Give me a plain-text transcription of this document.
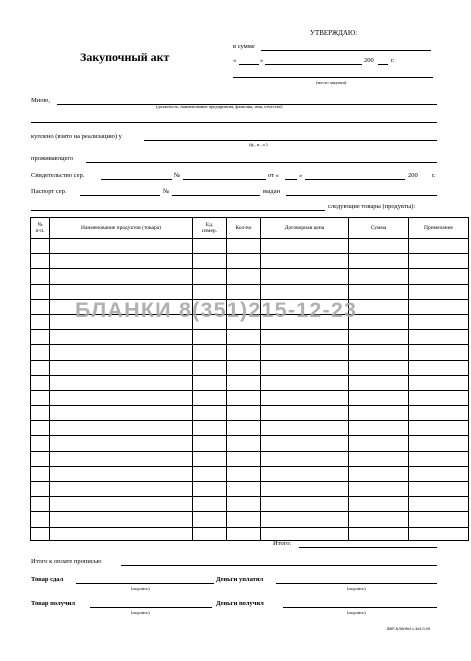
УТВЕРЖДАЮ:
в сумме
«	»	200	г.
(место закупки)
Закупочный акт
Мною,
(должность, наименование предприятия, фамилия, имя, отчество)
куплено (взято на реализацию) у
(ф., и., о.)
проживающего
Свидетельство сер.	№	от «	»	200 г.
Паспорт сер.	№	выдан
следующие товары (продукты):
№
п-п.	Наименование продуктов (товара)	Ед.
измер.	Кол-во	Договорная цена	Сумма	Примечание

БЛАНКИ 8(351)215-12-23
Итого:
Итого к оплате прописью
Товар сдал
(подпись)
Деньги уплатил
(подпись)
Товар получил
(подпись)
Деньги получил
(подпись)
ВВР-БЛАНКИ с.3с5-0-09
